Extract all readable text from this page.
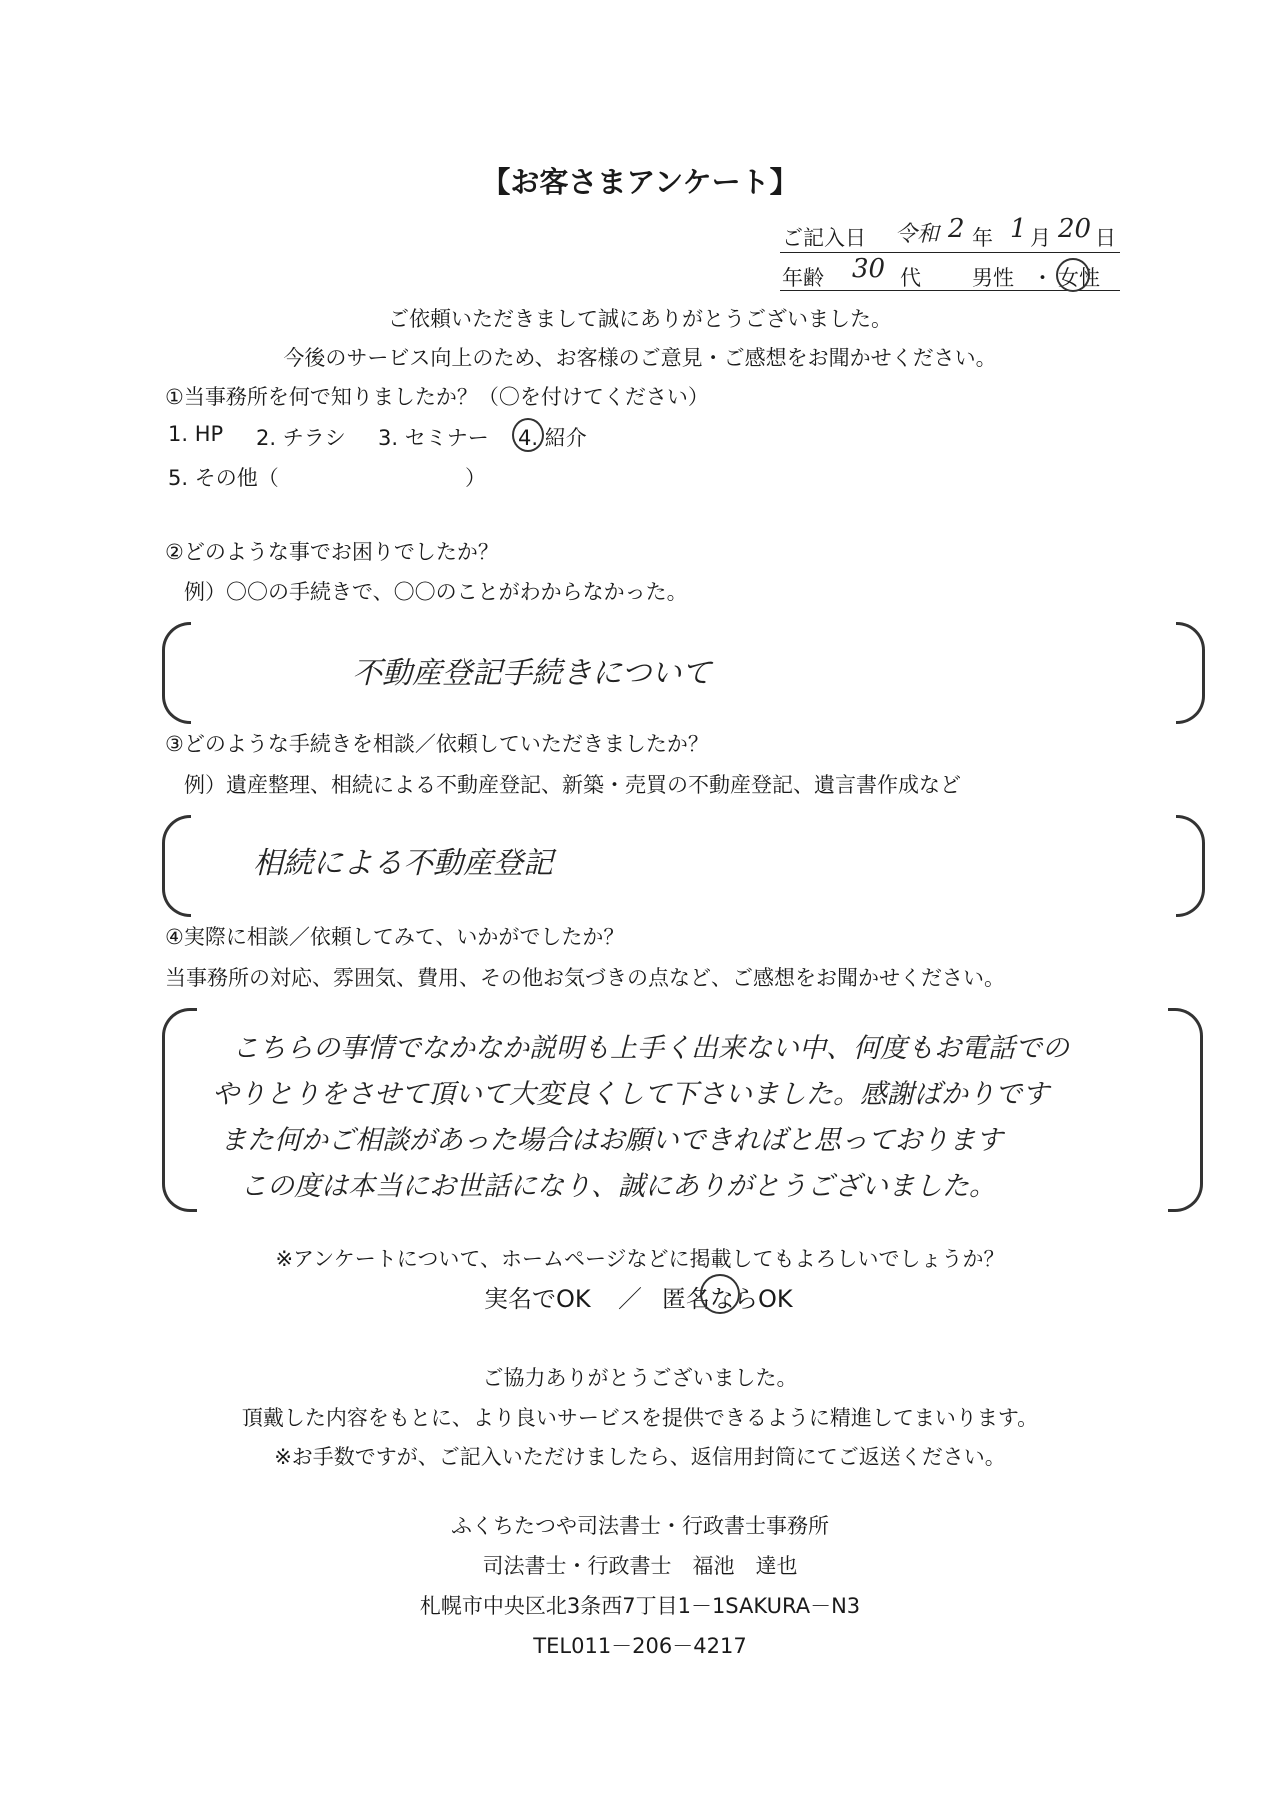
【お客さまアンケート】
ご記入日 令和 2 年 1 月 20 日
年齢 30 代 男性 ・ 女性
ご依頼いただきまして誠にありがとうございました。
今後のサービス向上のため、お客様のご意見・ご感想をお聞かせください。
①当事務所を何で知りましたか？（〇を付けてください）
1. HP 2. チラシ 3. セミナー 4. 紹介
5. その他（	）
②どのような事でお困りでしたか？
例）〇〇の手続きで、〇〇のことがわからなかった。
不動産登記手続きについて
③どのような手続きを相談／依頼していただきましたか？
例）遺産整理、相続による不動産登記、新築・売買の不動産登記、遺言書作成など
相続による不動産登記
④実際に相談／依頼してみて、いかがでしたか？
当事務所の対応、雰囲気、費用、その他お気づきの点など、ご感想をお聞かせください。
こちらの事情でなかなか説明も上手く出来ない中、何度もお電話での
やりとりをさせて頂いて大変良くして下さいました。感謝ばかりです
また何かご相談があった場合はお願いできればと思っております
この度は本当にお世話になり、誠にありがとうございました。
※アンケートについて、ホームページなどに掲載してもよろしいでしょうか？
実名でOK ／ 匿名ならOK
ご協力ありがとうございました。
頂戴した内容をもとに、より良いサービスを提供できるように精進してまいります。
※お手数ですが、ご記入いただけましたら、返信用封筒にてご返送ください。
ふくちたつや司法書士・行政書士事務所
司法書士・行政書士　福池　達也
札幌市中央区北3条西7丁目1－1SAKURA－N3
TEL011－206－4217
